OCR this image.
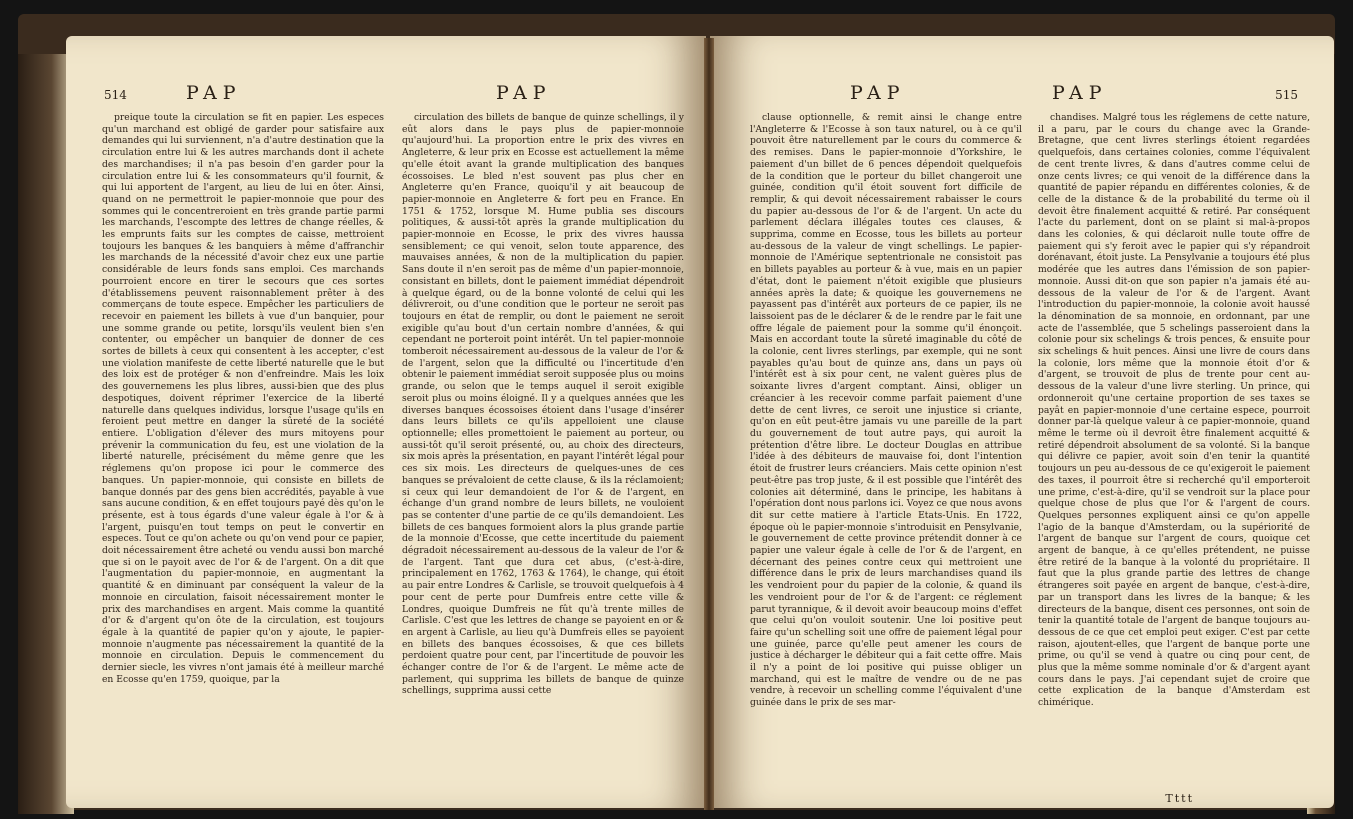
514	PAP	PAP

preique toute la circulation se fit en papier. Les especes qu'un marchand est obligé de garder pour satisfaire aux demandes qui lui surviennent, n'a d'autre destination que la circulation entre lui & les autres marchands dont il achete des marchandises; il n'a pas besoin d'en garder pour la circulation entre lui & les consommateurs qu'il fournit, & qui lui apportent de l'argent, au lieu de lui en ôter. Ainsi, quand on ne permettroit le papier-monnoie que pour des sommes qui le concentreroient en très grande partie parmi les marchands, l'escompte des lettres de change réelles, & les emprunts faits sur les comptes de caisse, mettroient toujours les banques & les banquiers à même d'affranchir les marchands de la nécessité d'avoir chez eux une partie considérable de leurs fonds sans emploi. Ces marchands pourroient encore en tirer le secours que ces sortes d'établissemens peuvent raisonnablement prêter à des commerçans de toute espece. Empêcher les particuliers de recevoir en paiement les billets à vue d'un banquier, pour une somme grande ou petite, lorsqu'ils veulent bien s'en contenter, ou empêcher un banquier de donner de ces sortes de billets à ceux qui consentent à les accepter, c'est une violation manifeste de cette liberté naturelle que le but des loix est de protéger & non d'enfreindre. Mais les loix des gouvernemens les plus libres, aussi-bien que des plus despotiques, doivent réprimer l'exercice de la liberté naturelle dans quelques individus, lorsque l'usage qu'ils en feroient peut mettre en danger la sûreté de la société entiere. L'obligation d'élever des murs mitoyens pour prévenir la communication du feu, est une violation de la liberté naturelle, précisément du même genre que les réglemens qu'on propose ici pour le commerce des banques. Un papier-monnoie, qui consiste en billets de banque donnés par des gens bien accrédités, payable à vue sans aucune condition, & en effet toujours payé dès qu'on le présente, est à tous égards d'une valeur égale à l'or & à l'argent, puisqu'en tout temps on peut le convertir en especes. Tout ce qu'on achete ou qu'on vend pour ce papier, doit nécessairement être acheté ou vendu aussi bon marché que si on le payoit avec de l'or & de l'argent. On a dit que l'augmentation du papier-monnoie, en augmentant la quantité & en diminuant par conséquent la valeur de la monnoie en circulation, faisoit nécessairement monter le prix des marchandises en argent. Mais comme la quantité d'or & d'argent qu'on ôte de la circulation, est toujours égale à la quantité de papier qu'on y ajoute, le papier-monnoie n'augmente pas nécessairement la quantité de la monnoie en circulation. Depuis le commencement du dernier siecle, les vivres n'ont jamais été à meilleur marché en Ecosse qu'en 1759, quoique, par la

circulation des billets de banque de quinze schellings, il y eût alors dans le pays plus de papier-monnoie qu'aujourd'hui. La proportion entre le prix des vivres en Angleterre, & leur prix en Ecosse est actuellement la même qu'elle étoit avant la grande multiplication des banques écossoises. Le bled n'est souvent pas plus cher en Angleterre qu'en France, quoiqu'il y ait beaucoup de papier-monnoie en Angleterre & fort peu en France. En 1751 & 1752, lorsque M. Hume publia ses discours politiques, & aussi-tôt après la grande multiplication du papier-monnoie en Ecosse, le prix des vivres haussa sensiblement; ce qui venoit, selon toute apparence, des mauvaises années, & non de la multiplication du papier. Sans doute il n'en seroit pas de même d'un papier-monnoie, consistant en billets, dont le paiement immédiat dépendroit à quelque égard, ou de la bonne volonté de celui qui les délivreroit, ou d'une condition que le porteur ne seroit pas toujours en état de remplir, ou dont le paiement ne seroit exigible qu'au bout d'un certain nombre d'années, & qui cependant ne porteroit point intérêt. Un tel papier-monnoie tomberoit nécessairement au-dessous de la valeur de l'or & de l'argent, selon que la difficulté ou l'incertitude d'en obtenir le paiement immédiat seroit supposée plus ou moins grande, ou selon que le temps auquel il seroit exigible seroit plus ou moins éloigné. Il y a quelques années que les diverses banques écossoises étoient dans l'usage d'insérer dans leurs billets ce qu'ils appelloient une clause optionnelle; elles promettoient le paiement au porteur, ou aussi-tôt qu'il seroit présenté, ou, au choix des directeurs, six mois après la présentation, en payant l'intérêt légal pour ces six mois. Les directeurs de quelques-unes de ces banques se prévaloient de cette clause, & ils la réclamoient; si ceux qui leur demandoient de l'or & de l'argent, en échange d'un grand nombre de leurs billets, ne vouloient pas se contenter d'une partie de ce qu'ils demandoient. Les billets de ces banques formoient alors la plus grande partie de la monnoie d'Ecosse, que cette incertitude du paiement dégradoit nécessairement au-dessous de la valeur de l'or & de l'argent. Tant que dura cet abus, (c'est-à-dire, principalement en 1762, 1763 & 1764), le change, qui étoit au pair entre Londres & Carlisle, se trouvoit quelquefois à 4 pour cent de perte pour Dumfreis entre cette ville & Londres, quoique Dumfreis ne fût qu'à trente milles de Carlisle. C'est que les lettres de change se payoient en or & en argent à Carlisle, au lieu qu'à Dumfreis elles se payoient en billets des banques écossoises, & que ces billets perdoient quatre pour cent, par l'incertitude de pouvoir les échanger contre de l'or & de l'argent. Le même acte de parlement, qui supprima les billets de banque de quinze schellings, supprima aussi cette

PAP	PAP	515

clause optionnelle, & remit ainsi le change entre l'Angleterre & l'Ecosse à son taux naturel, ou à ce qu'il pouvoit être naturellement par le cours du commerce & des remises. Dans le papier-monnoie d'Yorkshire, le paiement d'un billet de 6 pences dépendoit quelquefois de la condition que le porteur du billet changeroit une guinée, condition qu'il étoit souvent fort difficile de remplir, & qui devoit nécessairement rabaisser le cours du papier au-dessous de l'or & de l'argent. Un acte du parlement déclara illégales toutes ces clauses, & supprima, comme en Ecosse, tous les billets au porteur au-dessous de la valeur de vingt schellings. Le papier-monnoie de l'Amérique septentrionale ne consistoit pas en billets payables au porteur & à vue, mais en un papier d'état, dont le paiement n'étoit exigible que plusieurs années après la date; & quoique les gouvernemens ne payassent pas d'intérêt aux porteurs de ce papier, ils ne laissoient pas de le déclarer & de le rendre par le fait une offre légale de paiement pour la somme qu'il énonçoit. Mais en accordant toute la sûreté imaginable du côté de la colonie, cent livres sterlings, par exemple, qui ne sont payables qu'au bout de quinze ans, dans un pays où l'intérêt est à six pour cent, ne valent guères plus de soixante livres d'argent comptant. Ainsi, obliger un créancier à les recevoir comme parfait paiement d'une dette de cent livres, ce seroit une injustice si criante, qu'on en eût peut-être jamais vu une pareille de la part du gouvernement de tout autre pays, qui auroit la prétention d'être libre. Le docteur Douglas en attribue l'idée à des débiteurs de mauvaise foi, dont l'intention étoit de frustrer leurs créanciers. Mais cette opinion n'est peut-être pas trop juste, & il est possible que l'intérêt des colonies ait déterminé, dans le principe, les habitans à l'opération dont nous parlons ici. Voyez ce que nous avons dit sur cette matiere à l'article Etats-Unis. En 1722, époque où le papier-monnoie s'introduisit en Pensylvanie, le gouvernement de cette province prétendit donner à ce papier une valeur égale à celle de l'or & de l'argent, en décernant des peines contre ceux qui mettroient une différence dans le prix de leurs marchandises quand ils les vendroient pour du papier de la colonie, & quand ils les vendroient pour de l'or & de l'argent: ce réglement parut tyrannique, & il devoit avoir beaucoup moins d'effet que celui qu'on vouloit soutenir. Une loi positive peut faire qu'un schelling soit une offre de paiement légal pour une guinée, parce qu'elle peut amener les cours de justice à décharger le débiteur qui a fait cette offre. Mais il n'y a point de loi positive qui puisse obliger un marchand, qui est le maître de vendre ou de ne pas vendre, à recevoir un schelling comme l'équivalent d'une guinée dans le prix de ses mar-

chandises. Malgré tous les réglemens de cette nature, il a paru, par le cours du change avec la Grande-Bretagne, que cent livres sterlings étoient regardées quelquefois, dans certaines colonies, comme l'équivalent de cent trente livres, & dans d'autres comme celui de onze cents livres; ce qui venoit de la différence dans la quantité de papier répandu en différentes colonies, & de celle de la distance & de la probabilité du terme où il devoit être finalement acquitté & retiré. Par conséquent l'acte du parlement, dont on se plaint si mal-à-propos dans les colonies, & qui déclaroit nulle toute offre de paiement qui s'y feroit avec le papier qui s'y répandroit dorénavant, étoit juste. La Pensylvanie a toujours été plus modérée que les autres dans l'émission de son papier-monnoie. Aussi dit-on que son papier n'a jamais été au-dessous de la valeur de l'or & de l'argent. Avant l'introduction du papier-monnoie, la colonie avoit haussé la dénomination de sa monnoie, en ordonnant, par une acte de l'assemblée, que 5 schelings passeroient dans la colonie pour six schelings & trois pences, & ensuite pour six schelings & huit pences. Ainsi une livre de cours dans la colonie, lors même que la monnoie étoit d'or & d'argent, se trouvoit de plus de trente pour cent au-dessous de la valeur d'une livre sterling. Un prince, qui ordonneroit qu'une certaine proportion de ses taxes se payât en papier-monnoie d'une certaine espece, pourroit donner par-là quelque valeur à ce papier-monnoie, quand même le terme où il devroit être finalement acquitté & retiré dépendroit absolument de sa volonté. Si la banque qui délivre ce papier, avoit soin d'en tenir la quantité toujours un peu au-dessous de ce qu'exigeroit le paiement des taxes, il pourroit être si recherché qu'il emporteroit une prime, c'est-à-dire, qu'il se vendroit sur la place pour quelque chose de plus que l'or & l'argent de cours. Quelques personnes expliquent ainsi ce qu'on appelle l'agio de la banque d'Amsterdam, ou la supériorité de l'argent de banque sur l'argent de cours, quoique cet argent de banque, à ce qu'elles prétendent, ne puisse être retiré de la banque à la volonté du propriétaire. Il faut que la plus grande partie des lettres de change étrangeres soit payée en argent de banque, c'est-à-dire, par un transport dans les livres de la banque; & les directeurs de la banque, disent ces personnes, ont soin de tenir la quantité totale de l'argent de banque toujours au-dessous de ce que cet emploi peut exiger. C'est par cette raison, ajoutent-elles, que l'argent de banque porte une prime, ou qu'il se vend à quatre ou cinq pour cent, de plus que la même somme nominale d'or & d'argent ayant cours dans le pays. J'ai cependant sujet de croire que cette explication de la banque d'Amsterdam est chimérique.

Tttt
